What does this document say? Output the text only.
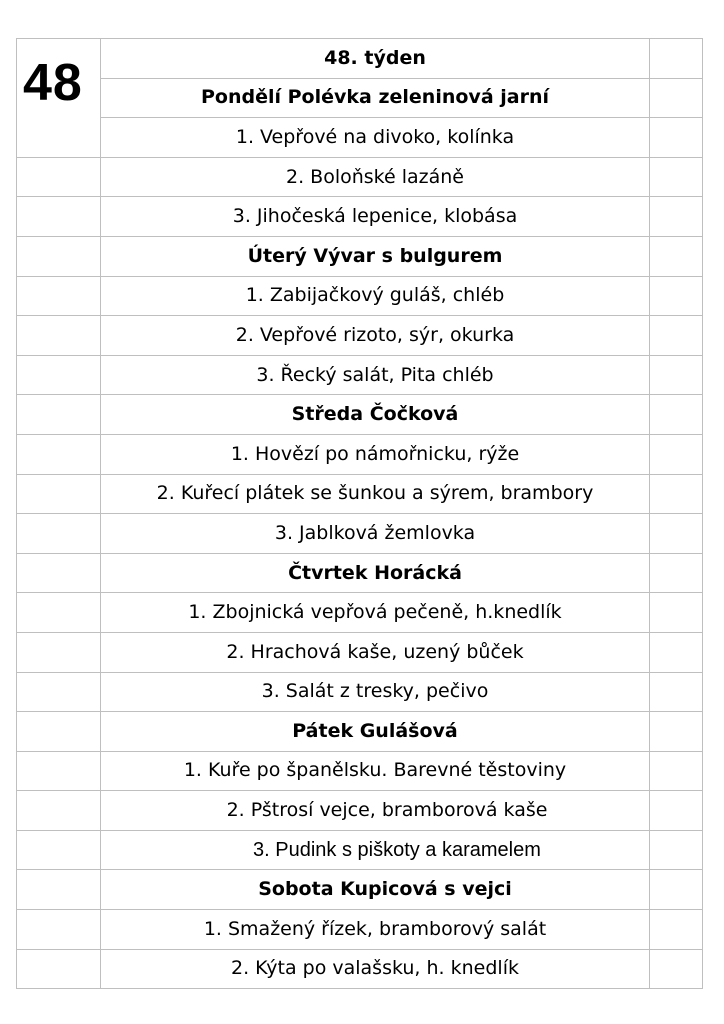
48	48. týden	
	Pondělí Polévka zeleninová jarní	
	1. Vepřové na divoko, kolínka	
	2. Boloňské lazáně	
	3. Jihočeská lepenice, klobása	
	Úterý Vývar s bulgurem	
	1. Zabijačkový guláš, chléb	
	2. Vepřové rizoto, sýr, okurka	
	3. Řecký salát, Pita chléb	
	Středa Čočková	
	1. Hovězí po námořnicku, rýže	
	2. Kuřecí plátek se šunkou a sýrem, brambory	
	3. Jablková žemlovka	
	Čtvrtek Horácká	
	1. Zbojnická vepřová pečeně, h.knedlík	
	2. Hrachová kaše, uzený bůček	
	3. Salát z tresky, pečivo	
	Pátek Gulášová	
	1. Kuře po španělsku. Barevné těstoviny	
	2. Pštrosí vejce, bramborová kaše	
	3. Pudink s piškoty a karamelem	
	Sobota Kupicová s vejci	
	1. Smažený řízek, bramborový salát	
	2. Kýta po valašsku, h. knedlík	
